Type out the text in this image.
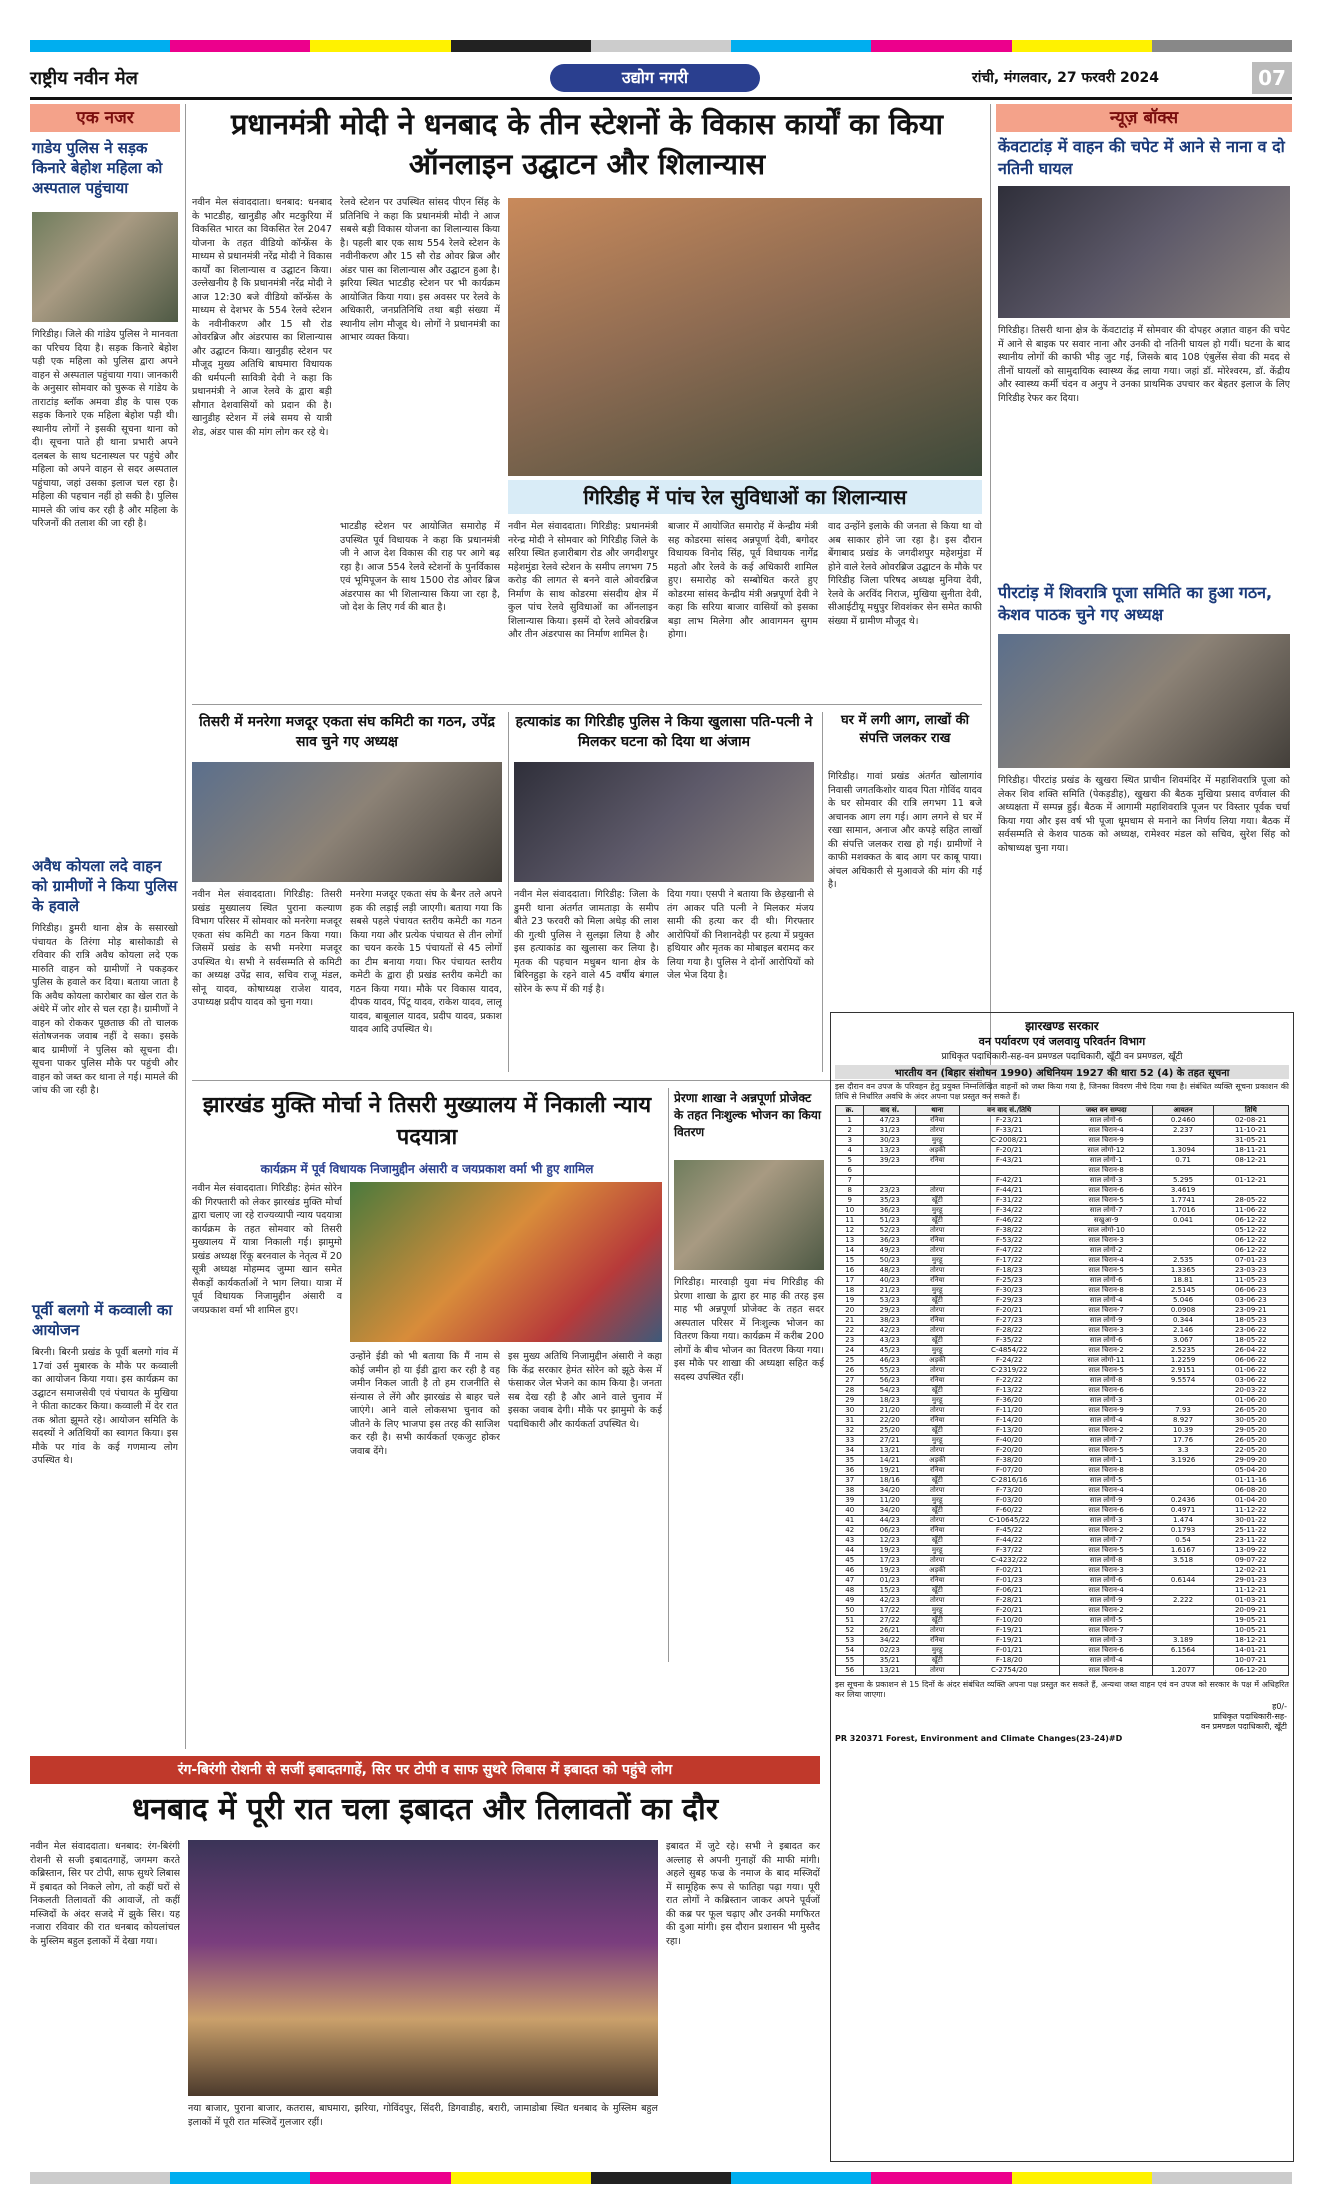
राष्ट्रीय नवीन मेल	उद्योग नगरी	रांची, मंगलवार, 27 फरवरी 2024	07
एक नजर
गाडेय पुलिस ने सड़क किनारे बेहोश महिला को अस्पताल पहुंचाया
गिरिडीह। जिले की गांडेय पुलिस ने मानवता का परिचय दिया है। सड़क किनारे बेहोश पड़ी एक महिला को पुलिस द्वारा अपने वाहन से अस्पताल पहुंचाया गया। जानकारी के अनुसार सोमवार को चुरूक से गांडेय के ताराटांड़ ब्लॉक अमवा डीह के पास एक सड़क किनारे एक महिला बेहोश पड़ी थी। स्थानीय लोगों ने इसकी सूचना थाना को दी। सूचना पाते ही थाना प्रभारी अपने दलबल के साथ घटनास्थल पर पहुंचे और महिला को अपने वाहन से सदर अस्पताल पहुंचाया, जहां उसका इलाज चल रहा है। महिला की पहचान नहीं हो सकी है। पुलिस मामले की जांच कर रही है और महिला के परिजनों की तलाश की जा रही है।
अवैध कोयला लदे वाहन को ग्रामीणों ने किया पुलिस के हवाले
गिरिडीह। डुमरी थाना क्षेत्र के ससारखो पंचायत के तिरंगा मोड़ बासोकाडी से रविवार की रात्रि अवैध कोयला लदे एक मारुति वाहन को ग्रामीणों ने पकड़कर पुलिस के हवाले कर दिया। बताया जाता है कि अवैध कोयला कारोबार का खेल रात के अंधेरे में जोर शोर से चल रहा है। ग्रामीणों ने वाहन को रोककर पूछताछ की तो चालक संतोषजनक जवाब नहीं दे सका। इसके बाद ग्रामीणों ने पुलिस को सूचना दी। सूचना पाकर पुलिस मौके पर पहुंची और वाहन को जब्त कर थाना ले गई। मामले की जांच की जा रही है।
पूर्वी बलगो में कव्वाली का आयोजन
बिरनी। बिरनी प्रखंड के पूर्वी बलगो गांव में 17वां उर्स मुबारक के मौके पर कव्वाली का आयोजन किया गया। इस कार्यक्रम का उद्घाटन समाजसेवी एवं पंचायत के मुखिया ने फीता काटकर किया। कव्वाली में देर रात तक श्रोता झूमते रहे। आयोजन समिति के सदस्यों ने अतिथियों का स्वागत किया। इस मौके पर गांव के कई गणमान्य लोग उपस्थित थे।
प्रधानमंत्री मोदी ने धनबाद के तीन स्टेशनों के विकास कार्यों का किया ऑनलाइन उद्घाटन और शिलान्यास
नवीन मेल संवाददाता। धनबाद: धनबाद के भाटडीह, खानुडीह और मटकुरिया में विकसित भारत का विकसित रेल 2047 योजना के तहत वीडियो कॉन्फ्रेंस के माध्यम से प्रधानमंत्री नरेंद्र मोदी ने विकास कार्यों का शिलान्यास व उद्घाटन किया। उल्लेखनीय है कि प्रधानमंत्री नरेंद्र मोदी ने आज 12:30 बजे वीडियो कॉन्फ्रेंस के माध्यम से देशभर के 554 रेलवे स्टेशन के नवीनीकरण और 15 सौ रोड ओवरब्रिज और अंडरपास का शिलान्यास और उद्घाटन किया। खानुडीह स्टेशन पर मौजूद मुख्य अतिथि बाघमारा विधायक की धर्मपत्नी सावित्री देवी ने कहा कि प्रधानमंत्री ने आज रेलवे के द्वारा बड़ी सौगात देशवासियों को प्रदान की है। खानुडीह स्टेशन में लंबे समय से यात्री शेड, अंडर पास की मांग लोग कर रहे थे।
रेलवे स्टेशन पर उपस्थित सांसद पीएन सिंह के प्रतिनिधि ने कहा कि प्रधानमंत्री मोदी ने आज सबसे बड़ी विकास योजना का शिलान्यास किया है। पहली बार एक साथ 554 रेलवे स्टेशन के नवीनीकरण और 15 सौ रोड ओवर ब्रिज और अंडर पास का शिलान्यास और उद्घाटन हुआ है। झरिया स्थित भाटडीह स्टेशन पर भी कार्यक्रम आयोजित किया गया। इस अवसर पर रेलवे के अधिकारी, जनप्रतिनिधि तथा बड़ी संख्या में स्थानीय लोग मौजूद थे। लोगों ने प्रधानमंत्री का आभार व्यक्त किया।
भाटडीह स्टेशन पर आयोजित समारोह में उपस्थित पूर्व विधायक ने कहा कि प्रधानमंत्री जी ने आज देश विकास की राह पर आगे बढ़ रहा है। आज 554 रेलवे स्टेशनों के पुनर्विकास एवं भूमिपूजन के साथ 1500 रोड ओवर ब्रिज अंडरपास का भी शिलान्यास किया जा रहा है, जो देश के लिए गर्व की बात है।
गिरिडीह में पांच रेल सुविधाओं का शिलान्यास
नवीन मेल संवाददाता। गिरिडीह: प्रधानमंत्री नरेन्द्र मोदी ने सोमवार को गिरिडीह जिले के सरिया स्थित हजारीबाग रोड और जगदीशपुर महेशमुंडा रेलवे स्टेशन के समीप लगभग 75 करोड़ की लागत से बनने वाले ओवरब्रिज निर्माण के साथ कोडरमा संसदीय क्षेत्र में कुल पांच रेलवे सुविधाओं का ऑनलाइन शिलान्यास किया। इसमें दो रेलवे ओवरब्रिज और तीन अंडरपास का निर्माण शामिल है।
बाजार में आयोजित समारोह में केन्द्रीय मंत्री सह कोडरमा सांसद अन्नपूर्णा देवी, बगोदर विधायक विनोद सिंह, पूर्व विधायक नागेंद्र महतो और रेलवे के कई अधिकारी शामिल हुए। समारोह को सम्बोधित करते हुए कोडरमा सांसद केन्द्रीय मंत्री अन्नपूर्णा देवी ने कहा कि सरिया बाजार वासियों को इसका बड़ा लाभ मिलेगा और आवागमन सुगम होगा।
वाद उन्होंने इलाके की जनता से किया था वो अब साकार होने जा रहा है। इस दौरान बेंगाबाद प्रखंड के जगदीशपुर महेशमुंडा में होने वाले रेलवे ओवरब्रिज उद्घाटन के मौके पर गिरिडीह जिला परिषद अध्यक्ष मुनिया देवी, रेलवे के अरविंद निराज, मुखिया सुनीता देवी, सीआईटीयू मधुपुर शिवशंकर सेन समेत काफी संख्या में ग्रामीण मौजूद थे।
तिसरी में मनरेगा मजदूर एकता संघ कमिटी का गठन, उपेंद्र साव चुने गए अध्यक्ष
नवीन मेल संवाददाता। गिरिडीह: तिसरी प्रखंड मुख्यालय स्थित पुराना कल्याण विभाग परिसर में सोमवार को मनरेगा मजदूर एकता संघ कमिटी का गठन किया गया। जिसमें प्रखंड के सभी मनरेगा मजदूर उपस्थित थे। सभी ने सर्वसम्मति से कमिटी का अध्यक्ष उपेंद्र साव, सचिव राजू मंडल, सोनू यादव, कोषाध्यक्ष राजेश यादव, उपाध्यक्ष प्रदीप यादव को चुना गया।
मनरेगा मजदूर एकता संघ के बैनर तले अपने हक की लड़ाई लड़ी जाएगी। बताया गया कि सबसे पहले पंचायत स्तरीय कमेटी का गठन किया गया और प्रत्येक पंचायत से तीन लोगों का चयन करके 15 पंचायतों से 45 लोगों का टीम बनाया गया। फिर पंचायत स्तरीय कमेटी के द्वारा ही प्रखंड स्तरीय कमेटी का गठन किया गया। मौके पर विकास यादव, दीपक यादव, पिंटू यादव, राकेश यादव, लालू यादव, बाबूलाल यादव, प्रदीप यादव, प्रकाश यादव आदि उपस्थित थे।
हत्याकांड का गिरिडीह पुलिस ने किया खुलासा पति-पत्नी ने मिलकर घटना को दिया था अंजाम
नवीन मेल संवाददाता। गिरिडीह: जिला के डुमरी थाना अंतर्गत जामताड़ा के समीप बीते 23 फरवरी को मिला अधेड़ की लाश की गुत्थी पुलिस ने सुलझा लिया है और इस हत्याकांड का खुलासा कर लिया है। मृतक की पहचान मधुबन थाना क्षेत्र के बिरिनहुड़ा के रहने वाले 45 वर्षीय बंगाल सोरेन के रूप में की गई है।
दिया गया। एसपी ने बताया कि छेड़खानी से तंग आकर पति पत्नी ने मिलकर मंजय सामी की हत्या कर दी थी। गिरफ्तार आरोपियों की निशानदेही पर हत्या में प्रयुक्त हथियार और मृतक का मोबाइल बरामद कर लिया गया है। पुलिस ने दोनों आरोपियों को जेल भेज दिया है।
घर में लगी आग, लाखों की संपत्ति जलकर राख
गिरिडीह। गावां प्रखंड अंतर्गत खोलागांव निवासी जगतकिशोर यादव पिता गोविंद यादव के घर सोमवार की रात्रि लगभग 11 बजे अचानक आग लग गई। आग लगने से घर में रखा सामान, अनाज और कपड़े सहित लाखों की संपत्ति जलकर राख हो गई। ग्रामीणों ने काफी मशक्कत के बाद आग पर काबू पाया। अंचल अधिकारी से मुआवजे की मांग की गई है।
झारखंड मुक्ति मोर्चा ने तिसरी मुख्यालय में निकाली न्याय पदयात्रा
कार्यक्रम में पूर्व विधायक निजामुद्दीन अंसारी व जयप्रकाश वर्मा भी हुए शामिल
नवीन मेल संवाददाता। गिरिडीह: हेमंत सोरेन की गिरफ्तारी को लेकर झारखंड मुक्ति मोर्चा द्वारा चलाए जा रहे राज्यव्यापी न्याय पदयात्रा कार्यक्रम के तहत सोमवार को तिसरी मुख्यालय में यात्रा निकाली गई। झामुमो प्रखंड अध्यक्ष रिंकू बरनवाल के नेतृत्व में 20 सूत्री अध्यक्ष मोहम्मद जुम्मा खान समेत सैकड़ों कार्यकर्ताओं ने भाग लिया। यात्रा में पूर्व विधायक निजामुद्दीन अंसारी व जयप्रकाश वर्मा भी शामिल हुए।
उन्होंने ईडी को भी बताया कि मैं नाम से कोई जमीन हो या ईडी द्वारा कर रही है वह जमीन निकल जाती है तो हम राजनीति से संन्यास ले लेंगे और झारखंड से बाहर चले जाएंगे। आने वाले लोकसभा चुनाव को जीतने के लिए भाजपा इस तरह की साजिश कर रही है। सभी कार्यकर्ता एकजुट होकर जवाब देंगे।
इस मुख्य अतिथि निजामुद्दीन अंसारी ने कहा कि केंद्र सरकार हेमंत सोरेन को झूठे केस में फंसाकर जेल भेजने का काम किया है। जनता सब देख रही है और आने वाले चुनाव में इसका जवाब देगी। मौके पर झामुमो के कई पदाधिकारी और कार्यकर्ता उपस्थित थे।
प्रेरणा शाखा ने अन्नपूर्णा प्रोजेक्ट के तहत निःशुल्क भोजन का किया वितरण
गिरिडीह। मारवाड़ी युवा मंच गिरिडीह की प्रेरणा शाखा के द्वारा हर माह की तरह इस माह भी अन्नपूर्णा प्रोजेक्ट के तहत सदर अस्पताल परिसर में निःशुल्क भोजन का वितरण किया गया। कार्यक्रम में करीब 200 लोगों के बीच भोजन का वितरण किया गया। इस मौके पर शाखा की अध्यक्षा सहित कई सदस्य उपस्थित रहीं।
रंग-बिरंगी रोशनी से सजीं इबादतगाहें, सिर पर टोपी व साफ सुथरे लिबास में इबादत को पहुंचे लोग
धनबाद में पूरी रात चला इबादत और तिलावतों का दौर
नवीन मेल संवाददाता। धनबाद: रंग-बिरंगी रोशनी से सजी इबादतगाहें, जगमग करते कब्रिस्तान, सिर पर टोपी, साफ सुथरे लिबास में इबादत को निकले लोग, तो कहीं घरों से निकलती तिलावतों की आवाजें, तो कहीं मस्जिदों के अंदर सजदे में झुके सिर। यह नजारा रविवार की रात धनबाद कोयलांचल के मुस्लिम बहुल इलाकों में देखा गया।
नया बाजार, पुराना बाजार, कतरास, बाघमारा, झरिया, गोविंदपुर, सिंदरी, डिगवाडीह, बरारी, जामाडोबा स्थित धनबाद के मुस्लिम बहुल इलाकों में पूरी रात मस्जिदें गुलजार रहीं।
इबादत में जुटे रहे। सभी ने इबादत कर अल्लाह से अपनी गुनाहों की माफी मांगी। अहले सुबह फज्र के नमाज के बाद मस्जिदों में सामूहिक रूप से फातिहा पढ़ा गया। पूरी रात लोगों ने कब्रिस्तान जाकर अपने पूर्वजों की कब्र पर फूल चढ़ाए और उनकी मगफिरत की दुआ मांगी। इस दौरान प्रशासन भी मुस्तैद रहा।
न्यूज़ बॉक्स
केंवटाटांड़ में वाहन की चपेट में आने से नाना व दो नतिनी घायल
गिरिडीह। तिसरी थाना क्षेत्र के केंवटाटांड़ में सोमवार की दोपहर अज्ञात वाहन की चपेट में आने से बाइक पर सवार नाना और उनकी दो नतिनी घायल हो गयीं। घटना के बाद स्थानीय लोगों की काफी भीड़ जुट गई, जिसके बाद 108 एंबुलेंस सेवा की मदद से तीनों घायलों को सामुदायिक स्वास्थ्य केंद्र लाया गया। जहां डॉ. मोरेश्वरम, डॉ. केंद्रीय और स्वास्थ्य कर्मी चंदन व अनुप ने उनका प्राथमिक उपचार कर बेहतर इलाज के लिए गिरिडीह रेफर कर दिया।
पीरटांड़ में शिवरात्रि पूजा समिति का हुआ गठन, केशव पाठक चुने गए अध्यक्ष
गिरिडीह। पीरटांड़ प्रखंड के खुखरा स्थित प्राचीन शिवमंदिर में महाशिवरात्रि पूजा को लेकर शिव शक्ति समिति (पेकड़डीह), खुखरा की बैठक मुखिया प्रसाद वर्णवाल की अध्यक्षता में सम्पन्न हुई। बैठक में आगामी महाशिवरात्रि पूजन पर विस्तार पूर्वक चर्चा किया गया और इस वर्ष भी पूजा धूमधाम से मनाने का निर्णय लिया गया। बैठक में सर्वसम्मति से केशव पाठक को अध्यक्ष, रामेश्वर मंडल को सचिव, सुरेश सिंह को कोषाध्यक्ष चुना गया।
झारखण्ड सरकार
वन पर्यावरण एवं जलवायु परिवर्तन विभाग
प्राधिकृत पदाधिकारी-सह-वन प्रमण्डल पदाधिकारी, खूँटी वन प्रमण्डल, खूँटी
भारतीय वन (बिहार संशोधन 1990) अधिनियम 1927 की धारा 52 (4) के तहत सूचना
इस दौरान वन उपज के परिवहन हेतु प्रयुक्त निम्नलिखित वाहनों को जब्त किया गया है, जिनका विवरण नीचे दिया गया है। संबंधित व्यक्ति सूचना प्रकाशन की तिथि से निर्धारित अवधि के अंदर अपना पक्ष प्रस्तुत कर सकते हैं।
क्र.	वाद सं.	थाना	वन वाद सं./तिथि	जब्त वन सम्पदा	आयतन	तिथि
1	47/23	रनिया	F-23/21	साल लोगो-6	0.2460	02-08-21
2	31/23	तोरपा	F-33/21	साल चिरान-4	2.237	11-10-21
3	30/23	मुरहू	C-2008/21	साल चिरान-9		31-05-21
4	13/23	अड़की	F-20/21	साल लोगो-12	1.3094	18-11-21
5	39/23	रनिया	F-43/21	साल लोगो-1	0.71	08-12-21
6				साल चिरान-8		
7			F-42/21	साल लोगो-3	5.295	01-12-21
8	23/23	तोरपा	F-44/21	साल चिरान-6	3.4619	
9	35/23	खूँटी	F-31/22	साल चिरान-5	1.7741	28-05-22
10	36/23	मुरहू	F-34/22	साल लोगो-7	1.7016	11-06-22
11	51/23	खूँटी	F-46/22	सखुआ-9	0.041	06-12-22
12	52/23	तोरपा	F-38/22	साल लोगो-10		05-12-22
13	36/23	रनिया	F-53/22	साल चिरान-3		06-12-22
14	49/23	तोरपा	F-47/22	साल लोगो-2		06-12-22
15	50/23	मुरहू	F-17/22	साल चिरान-4	2.535	07-01-23
16	48/23	तोरपा	F-18/23	साल चिरान-5	1.3365	23-03-23
17	40/23	रनिया	F-25/23	साल लोगो-6	18.81	11-05-23
18	21/23	मुरहू	F-30/23	साल चिरान-8	2.5145	06-06-23
19	53/23	खूँटी	F-29/23	साल लोगो-4	5.046	03-06-23
20	29/23	तोरपा	F-20/21	साल चिरान-7	0.0908	23-09-21
21	38/23	रनिया	F-27/23	साल लोगो-9	0.344	18-05-23
22	42/23	तोरपा	F-28/22	साल चिरान-3	2.146	23-06-22
23	43/23	खूँटी	F-35/22	साल लोगो-6	3.067	18-05-22
24	45/23	मुरहू	C-4854/22	साल चिरान-2	2.5235	26-04-22
25	46/23	अड़की	F-24/22	साल लोगो-11	1.2259	06-06-22
26	55/23	तोरपा	C-2319/22	साल चिरान-5	2.9151	01-06-22
27	56/23	रनिया	F-22/22	साल लोगो-8	9.5574	03-06-22
28	54/23	खूँटी	F-13/22	साल चिरान-6		20-03-22
29	18/23	मुरहू	F-36/20	साल लोगो-3		01-06-20
30	21/20	तोरपा	F-11/20	साल चिरान-9	7.93	26-05-20
31	22/20	रनिया	F-14/20	साल लोगो-4	8.927	30-05-20
32	25/20	खूँटी	F-13/20	साल चिरान-2	10.39	29-05-20
33	27/21	मुरहू	F-40/20	साल लोगो-7	17.76	26-05-20
34	13/21	तोरपा	F-20/20	साल चिरान-5	3.3	22-05-20
35	14/21	अड़की	F-38/20	साल लोगो-1	3.1926	29-09-20
36	19/21	रनिया	F-07/20	साल चिरान-8		05-04-20
37	18/16	खूँटी	C-2816/16	साल लोगो-5		01-11-16
38	34/20	तोरपा	F-73/20	साल चिरान-4		06-08-20
39	11/20	मुरहू	F-03/20	साल लोगो-9	0.2436	01-04-20
40	34/20	खूँटी	F-60/22	साल चिरान-6	0.4971	11-12-22
41	44/23	तोरपा	C-10645/22	साल लोगो-3	1.474	30-01-22
42	06/23	रनिया	F-45/22	साल चिरान-2	0.1793	25-11-22
43	12/23	खूँटी	F-44/22	साल लोगो-7	0.54	23-11-22
44	19/23	मुरहू	F-37/22	साल चिरान-5	1.6167	13-09-22
45	17/23	तोरपा	C-4232/22	साल लोगो-8	3.518	09-07-22
46	19/23	अड़की	F-02/21	साल चिरान-3		12-02-21
47	01/23	रनिया	F-01/23	साल लोगो-6	0.6144	29-01-23
48	15/23	खूँटी	F-06/21	साल चिरान-4		11-12-21
49	42/23	तोरपा	F-28/21	साल लोगो-9	2.222	01-03-21
50	17/22	मुरहू	F-20/21	साल चिरान-2		20-09-21
51	27/22	खूँटी	F-10/20	साल लोगो-5		19-05-21
52	26/21	तोरपा	F-19/21	साल चिरान-7		10-05-21
53	34/22	रनिया	F-19/21	साल लोगो-3	3.189	18-12-21
54	02/23	मुरहू	F-01/21	साल चिरान-6	6.1564	14-01-21
55	35/21	खूँटी	F-18/20	साल लोगो-4		10-07-21
56	13/21	तोरपा	C-2754/20	साल चिरान-8	1.2077	06-12-20
इस सूचना के प्रकाशन से 15 दिनों के अंदर संबंधित व्यक्ति अपना पक्ष प्रस्तुत कर सकते हैं, अन्यथा जब्त वाहन एवं वन उपज को सरकार के पक्ष में अधिहरित कर लिया जाएगा।
ह0/-
प्राधिकृत पदाधिकारी-सह-
वन प्रमण्डल पदाधिकारी, खूँटी
PR 320371 Forest, Environment and Climate Changes(23-24)#D
